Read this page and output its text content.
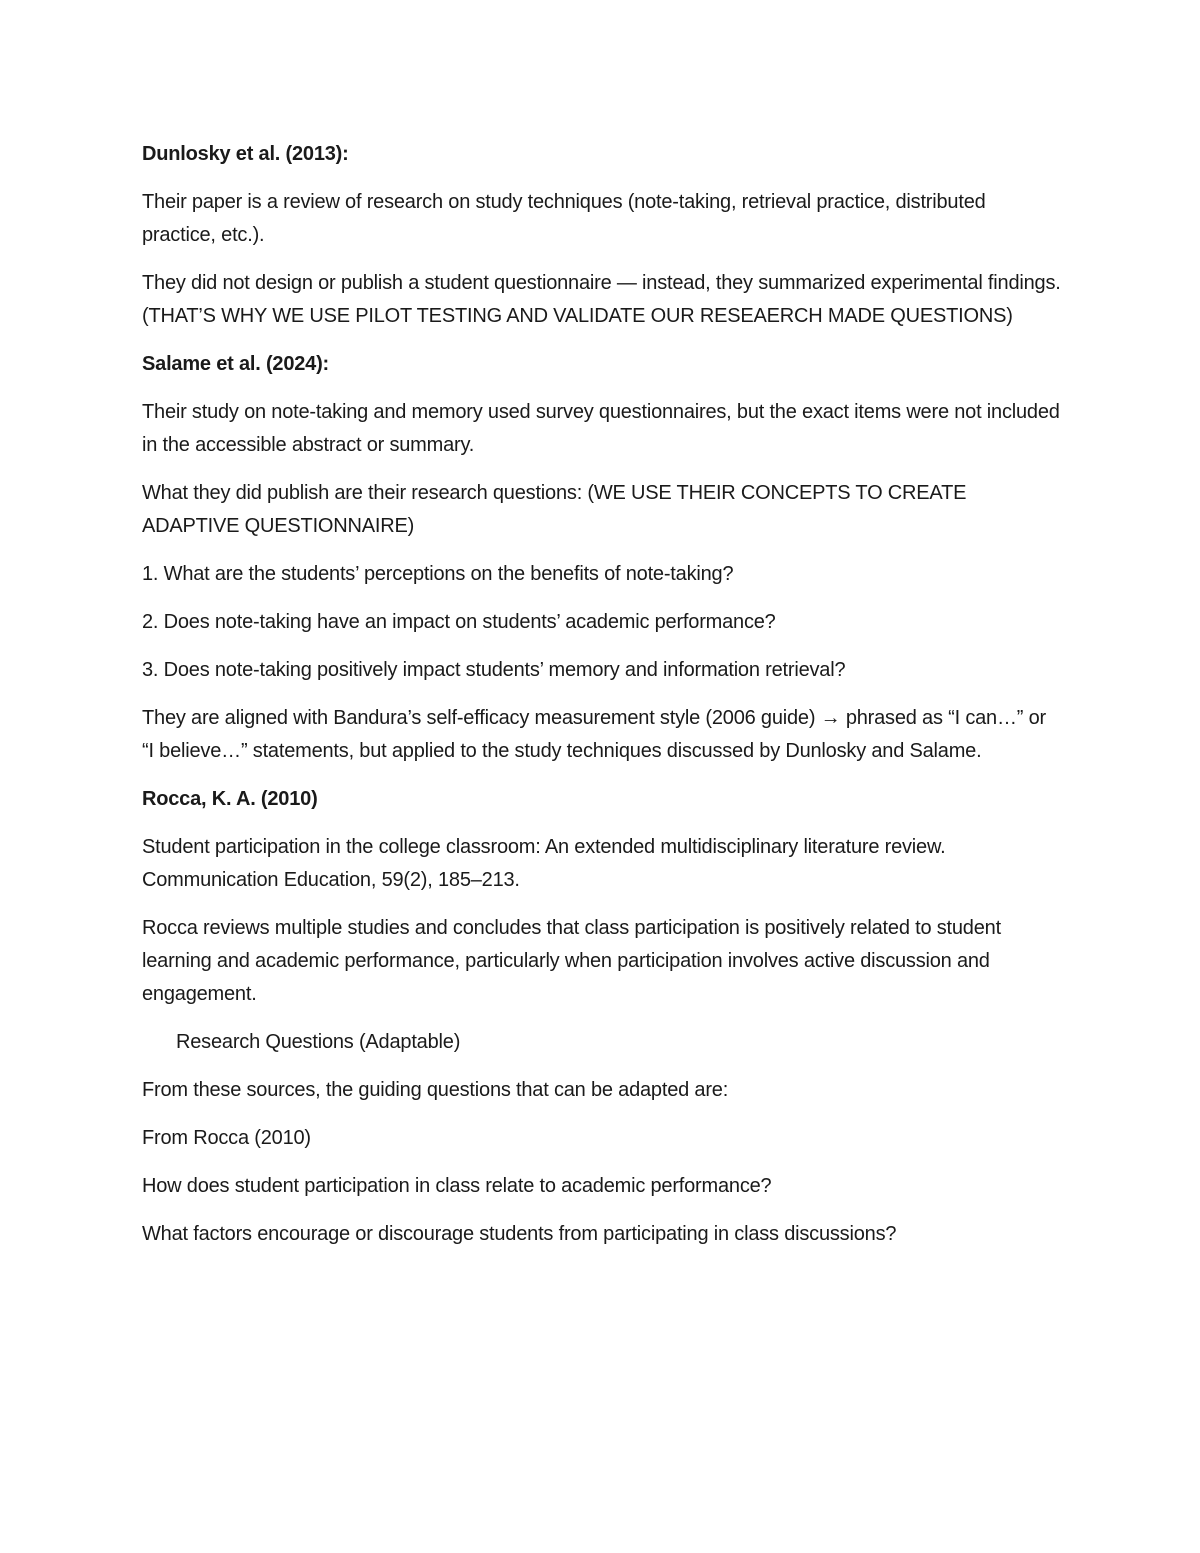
Dunlosky et al. (2013):

Their paper is a review of research on study techniques (note-taking, retrieval practice, distributed practice, etc.).

They did not design or publish a student questionnaire — instead, they summarized experimental findings. (THAT’S WHY WE USE PILOT TESTING AND VALIDATE OUR RESEAERCH MADE QUESTIONS)

Salame et al. (2024):

Their study on note-taking and memory used survey questionnaires, but the exact items were not included in the accessible abstract or summary.

What they did publish are their research questions: (WE USE THEIR CONCEPTS TO CREATE ADAPTIVE QUESTIONNAIRE)

1. What are the students’ perceptions on the benefits of note-taking?

2. Does note-taking have an impact on students’ academic performance?

3. Does note-taking positively impact students’ memory and information retrieval?

They are aligned with Bandura’s self-efficacy measurement style (2006 guide) → phrased as “I can…” or “I believe…” statements, but applied to the study techniques discussed by Dunlosky and Salame.

Rocca, K. A. (2010)

Student participation in the college classroom: An extended multidisciplinary literature review. Communication Education, 59(2), 185–213.

Rocca reviews multiple studies and concludes that class participation is positively related to student learning and academic performance, particularly when participation involves active discussion and engagement.

Research Questions (Adaptable)

From these sources, the guiding questions that can be adapted are:

From Rocca (2010)

How does student participation in class relate to academic performance?

What factors encourage or discourage students from participating in class discussions?
